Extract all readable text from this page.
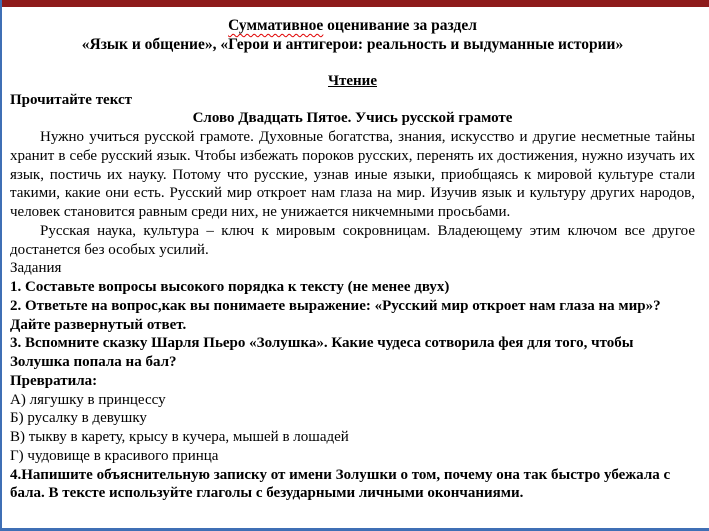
Суммативное оценивание за раздел

«Язык и общение», «Герои и антигерои: реальность и выдуманные истории»

Чтение

Прочитайте текст

Слово Двадцать Пятое. Учись русской грамоте

Нужно учиться русской грамоте. Духовные богатства, знания, искусство и другие несметные тайны хранит в себе русский язык. Чтобы избежать пороков русских, перенять их достижения, нужно изучать их язык, постичь их науку. Потому что русские, узнав иные языки, приобщаясь к мировой культуре стали такими, какие они есть. Русский мир откроет нам глаза на мир. Изучив язык и культуру других народов, человек становится равным среди них, не унижается никчемными просьбами.

Русская наука, культура – ключ к мировым сокровницам. Владеющему этим ключом все другое достанется без особых усилий.

Задания

1. Составьте вопросы высокого порядка к тексту (не менее двух)

2. Ответьте на вопрос,как вы понимаете выражение: «Русский мир откроет нам глаза на мир»? Дайте развернутый ответ.

3. Вспомните сказку Шарля Пьеро «Золушка». Какие чудеса сотворила фея для того, чтобы Золушка попала на бал?

Превратила:

А) лягушку в принцессу

Б) русалку в девушку

В) тыкву в карету, крысу в кучера, мышей в лошадей

Г) чудовище в красивого принца

4.Напишите объяснительную записку от имени Золушки о том, почему она так быстро убежала с бала. В тексте используйте глаголы с безударными личными окончаниями.
